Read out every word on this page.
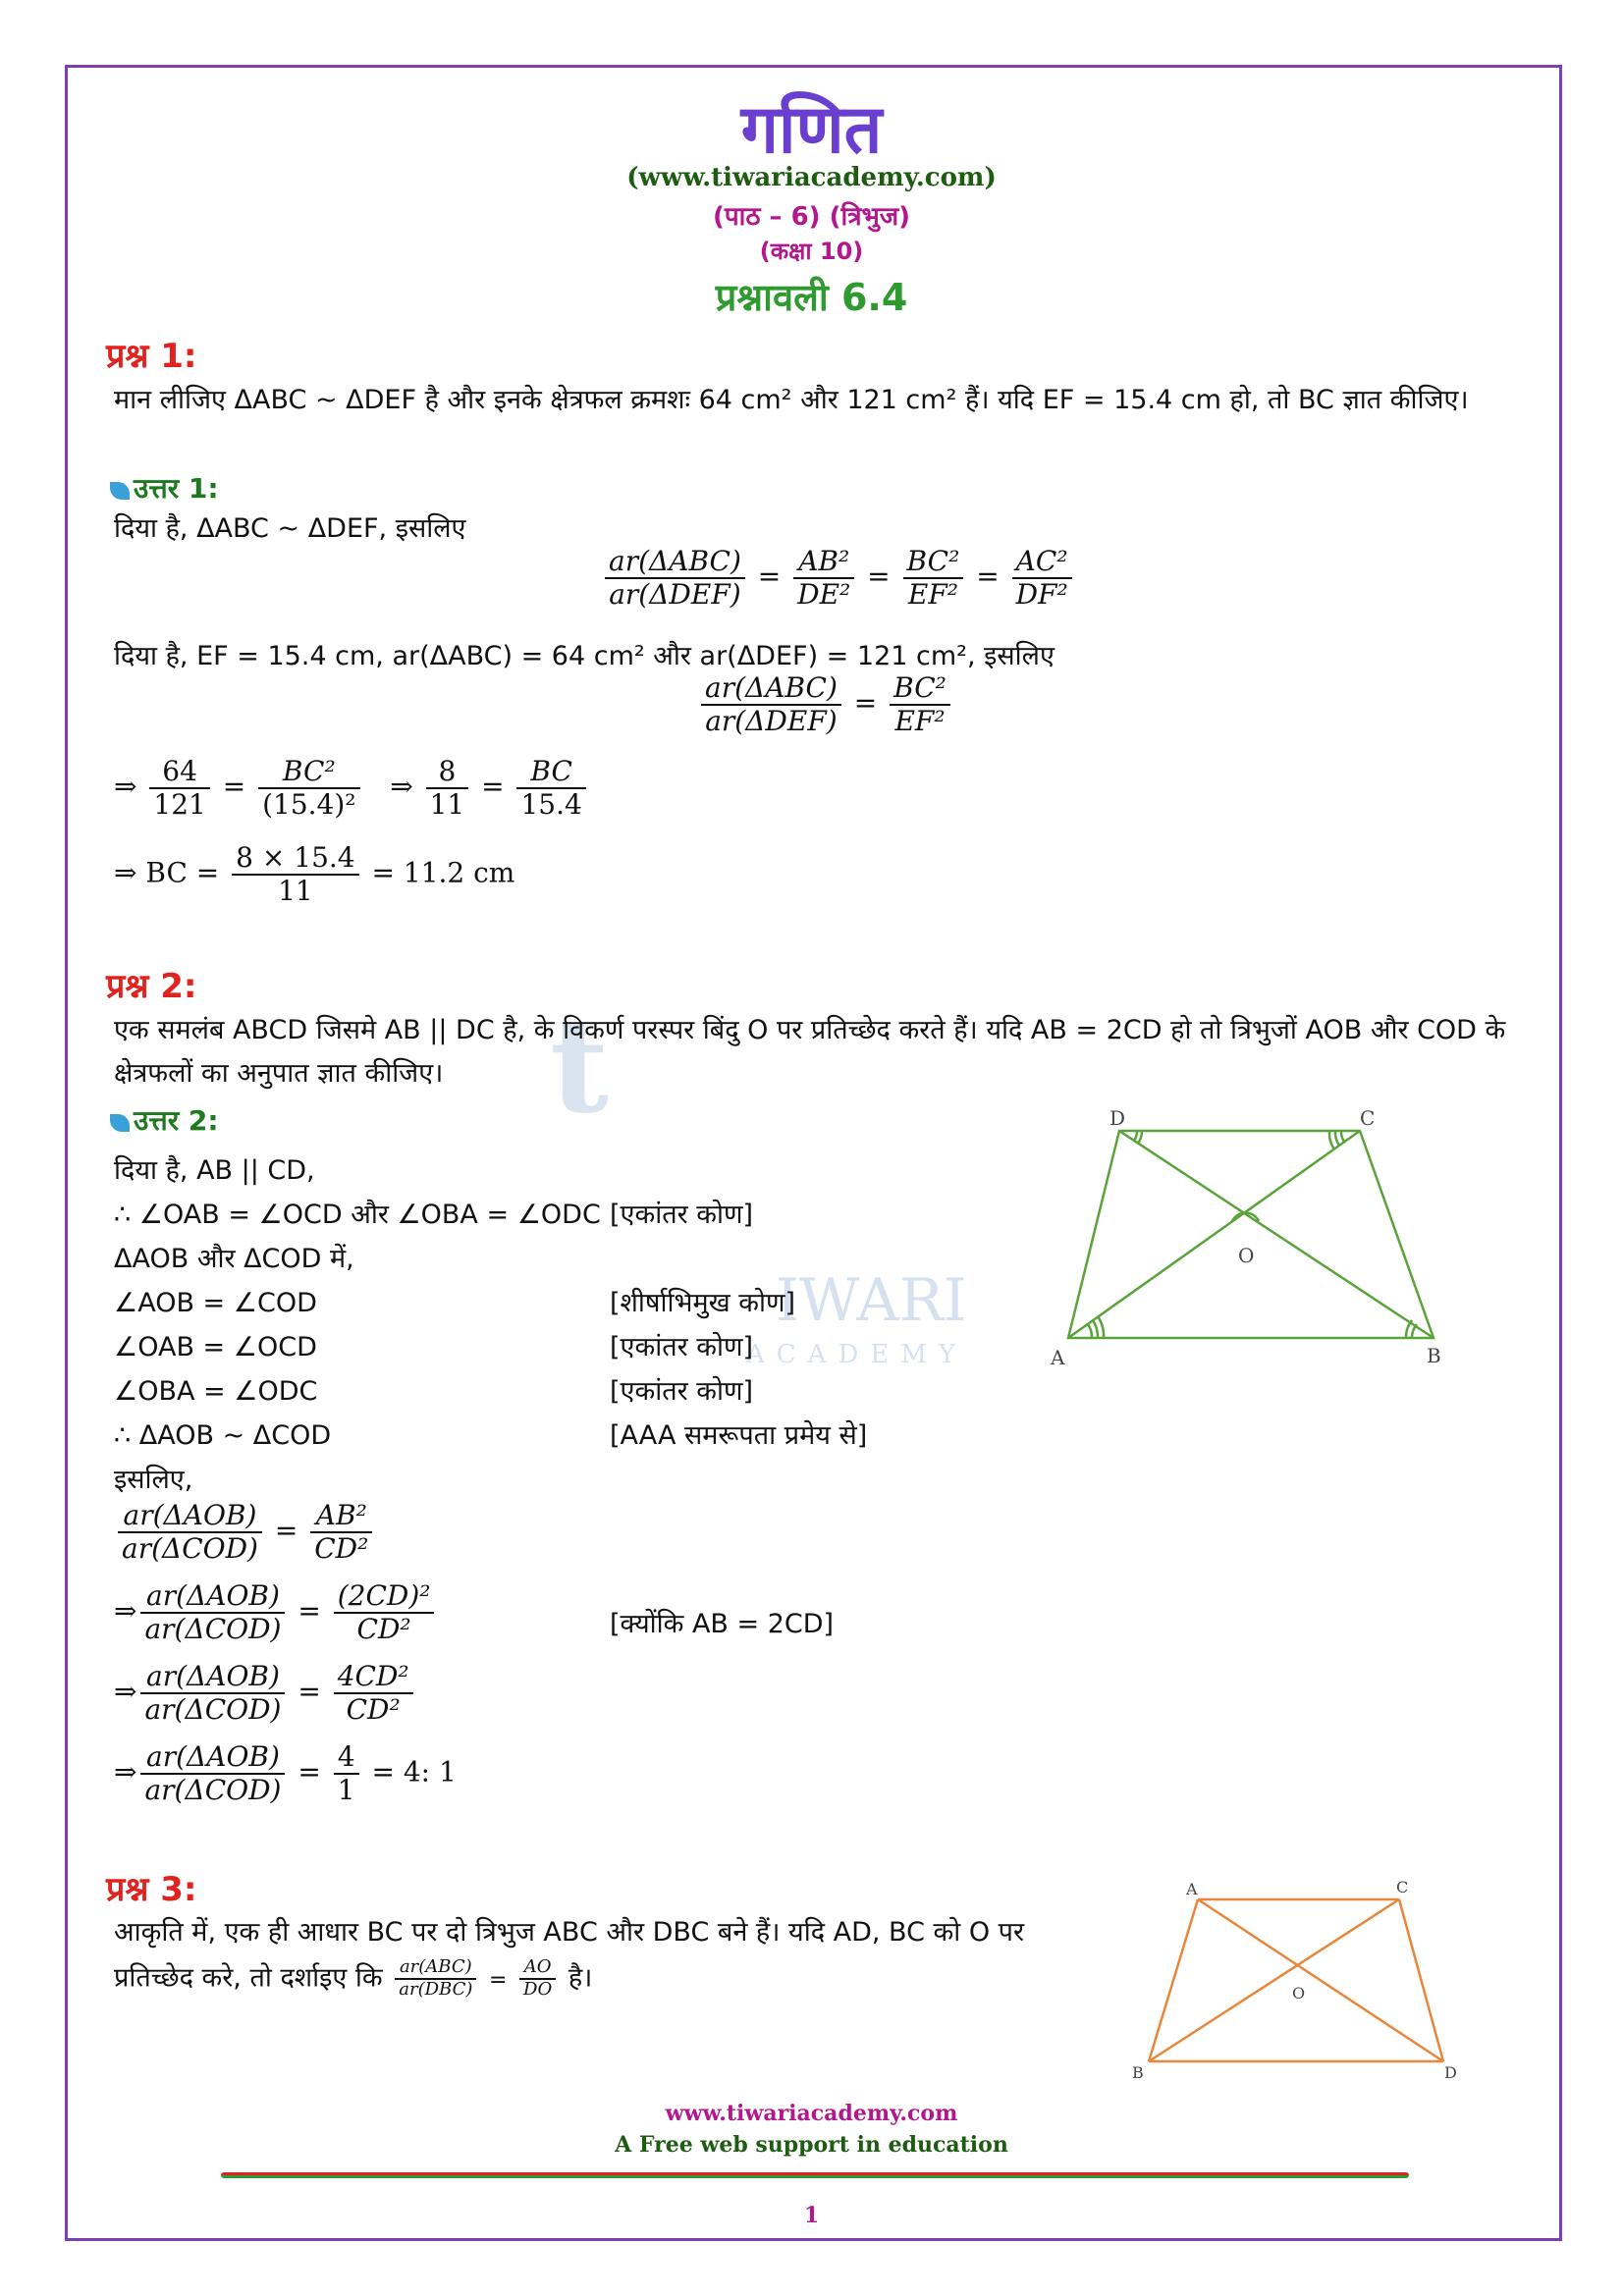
t
IWARI
ACADEMY
गणित
(www.tiwariacademy.com)
(पाठ – 6) (त्रिभुज)
(कक्षा 10)
प्रश्नावली 6.4
प्रश्न 1:
मान लीजिए ΔABC ~ ΔDEF है और इनके क्षेत्रफल क्रमशः 64 cm² और 121 cm² हैं। यदि EF = 15.4 cm हो, तो BC ज्ञात कीजिए।
उत्तर 1:
दिया है, ΔABC ~ ΔDEF, इसलिए
$\frac{\text{ar(ΔABC)}}{\text{ar(ΔDEF)}} = \frac{\text{AB²}}{\text{DE²}} = \frac{\text{BC²}}{\text{EF²}} = \frac{\text{AC²}}{\text{DF²}}$
दिया है, EF = 15.4 cm, ar(ΔABC) = 64 cm² और ar(ΔDEF) = 121 cm², इसलिए
$\frac{\text{ar(ΔABC)}}{\text{ar(ΔDEF)}} = \frac{\text{BC²}}{\text{EF²}}$
⇒ $\frac{64}{121} = \frac{\text{BC²}}{\text{(15.4)²}}$ ⇒ $\frac{8}{11} = \frac{BC}{15.4}$
⇒ BC = $\frac{8 \times 15.4}{11} = 11.2$ cm
प्रश्न 2:
एक समलंब ABCD जिसमे AB || DC है, के विकर्ण परस्पर बिंदु O पर प्रतिच्छेद करते हैं। यदि AB = 2CD हो तो त्रिभुजों AOB और COD के क्षेत्रफलों का अनुपात ज्ञात कीजिए।
उत्तर 2:
दिया है, AB || CD,
∴ ∠OAB = ∠OCD और ∠OBA = ∠ODC [एकांतर कोण]
ΔAOB और ΔCOD में,
∠AOB = ∠COD	[शीर्षाभिमुख कोण]
∠OAB = ∠OCD	[एकांतर कोण]
∠OBA = ∠ODC	[एकांतर कोण]
∴ ΔAOB ~ ΔCOD	[AAA समरूपता प्रमेय से]
इसलिए,
$\frac{\text{ar(ΔAOB)}}{\text{ar(ΔCOD)}} = \frac{\text{AB²}}{\text{CD²}}$
⇒ $\frac{\text{ar(ΔAOB)}}{\text{ar(ΔCOD)}} = \frac{\text{(2CD)²}}{\text{CD²}}$	[क्योंकि AB = 2CD]
⇒ $\frac{\text{ar(ΔAOB)}}{\text{ar(ΔCOD)}} = \frac{\text{4CD²}}{\text{CD²}}$
⇒ $\frac{\text{ar(ΔAOB)}}{\text{ar(ΔCOD)}} = \frac{4}{1} = 4$: 1
D	C
O
A	B
प्रश्न 3:
आकृति में, एक ही आधार BC पर दो त्रिभुज ABC और DBC बने हैं। यदि AD, BC को O पर
प्रतिच्छेद करे, तो दर्शाइए कि $\frac{\text{ar(ABC)}}{\text{ar(DBC)}} = \frac{AO}{DO}$ है।
A	C
O
B	D
www.tiwariacademy.com
A Free web support in education
1
